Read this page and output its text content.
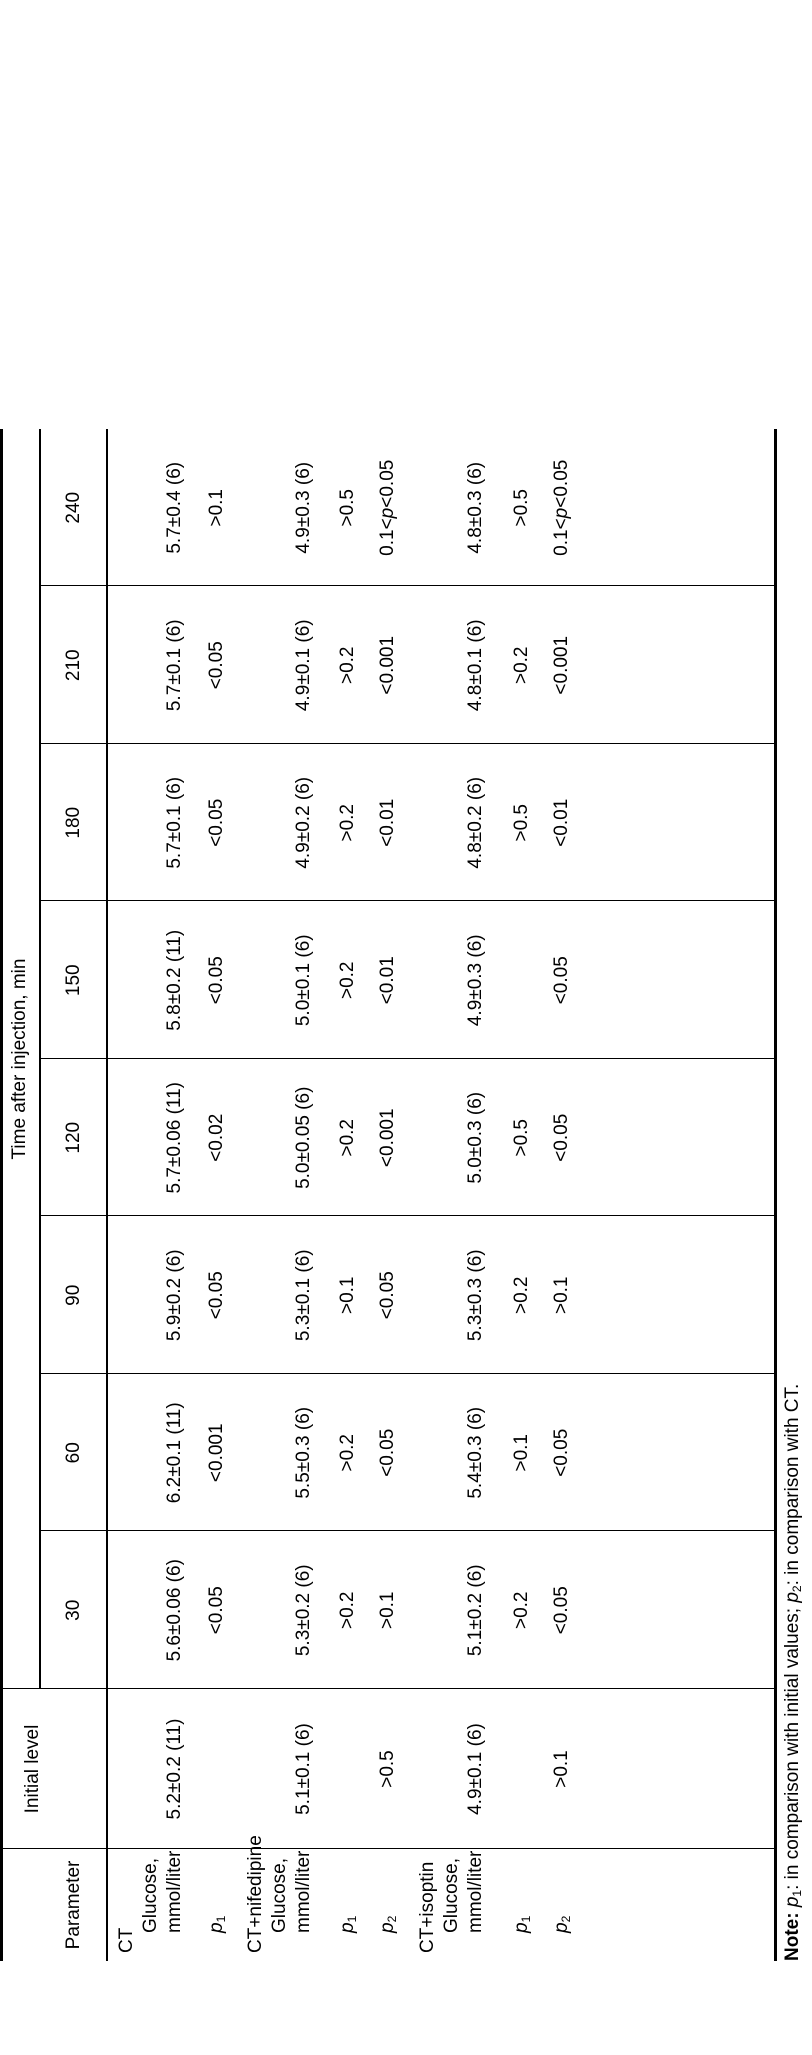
Parameter
Initial level
Time after injection, min
30
60
90
120
150
180
210
240
CT
Glucose, mmol/liter
5.2±0.2 (11)
5.6±0.06 (6)
6.2±0.1 (11)
5.9±0.2 (6)
5.7±0.06 (11)
5.8±0.2 (11)
5.7±0.1 (6)
5.7±0.1 (6)
5.7±0.4 (6)
$p_1$
<0.05
<0.001
<0.05
<0.02
<0.05
<0.05
<0.05
>0.1
CT+nifedipine Glucose, mmol/liter
5.1±0.1 (6)
5.3±0.2 (6)
5.5±0.3 (6)
5.3±0.1 (6)
5.0±0.05 (6)
5.0±0.1 (6)
4.9±0.2 (6)
4.9±0.1 (6)
4.9±0.3 (6)
$p_1$
>0.2
>0.2
>0.1
>0.2
>0.2
>0.2
>0.2
>0.5
$p_2$
>0.5
>0.1
<0.05
<0.05
<0.001
<0.01
<0.01
<0.001
0.1<p<0.05
CT+isoptin Glucose, mmol/liter
4.9±0.1 (6)
5.1±0.2 (6)
5.4±0.3 (6)
5.3±0.3 (6)
5.0±0.3 (6)
4.9±0.3 (6)
4.8±0.2 (6)
4.8±0.1 (6)
4.8±0.3 (6)
$p_1$
>0.2
>0.1
>0.2
>0.5
>0.5
>0.2
>0.5
$p_2$
>0.1
<0.05
<0.05
>0.1
<0.05
<0.05
<0.01
<0.001
0.1<p<0.05
Note: $p_1$: in comparison with initial values; $p_2$: in comparison with CT.
